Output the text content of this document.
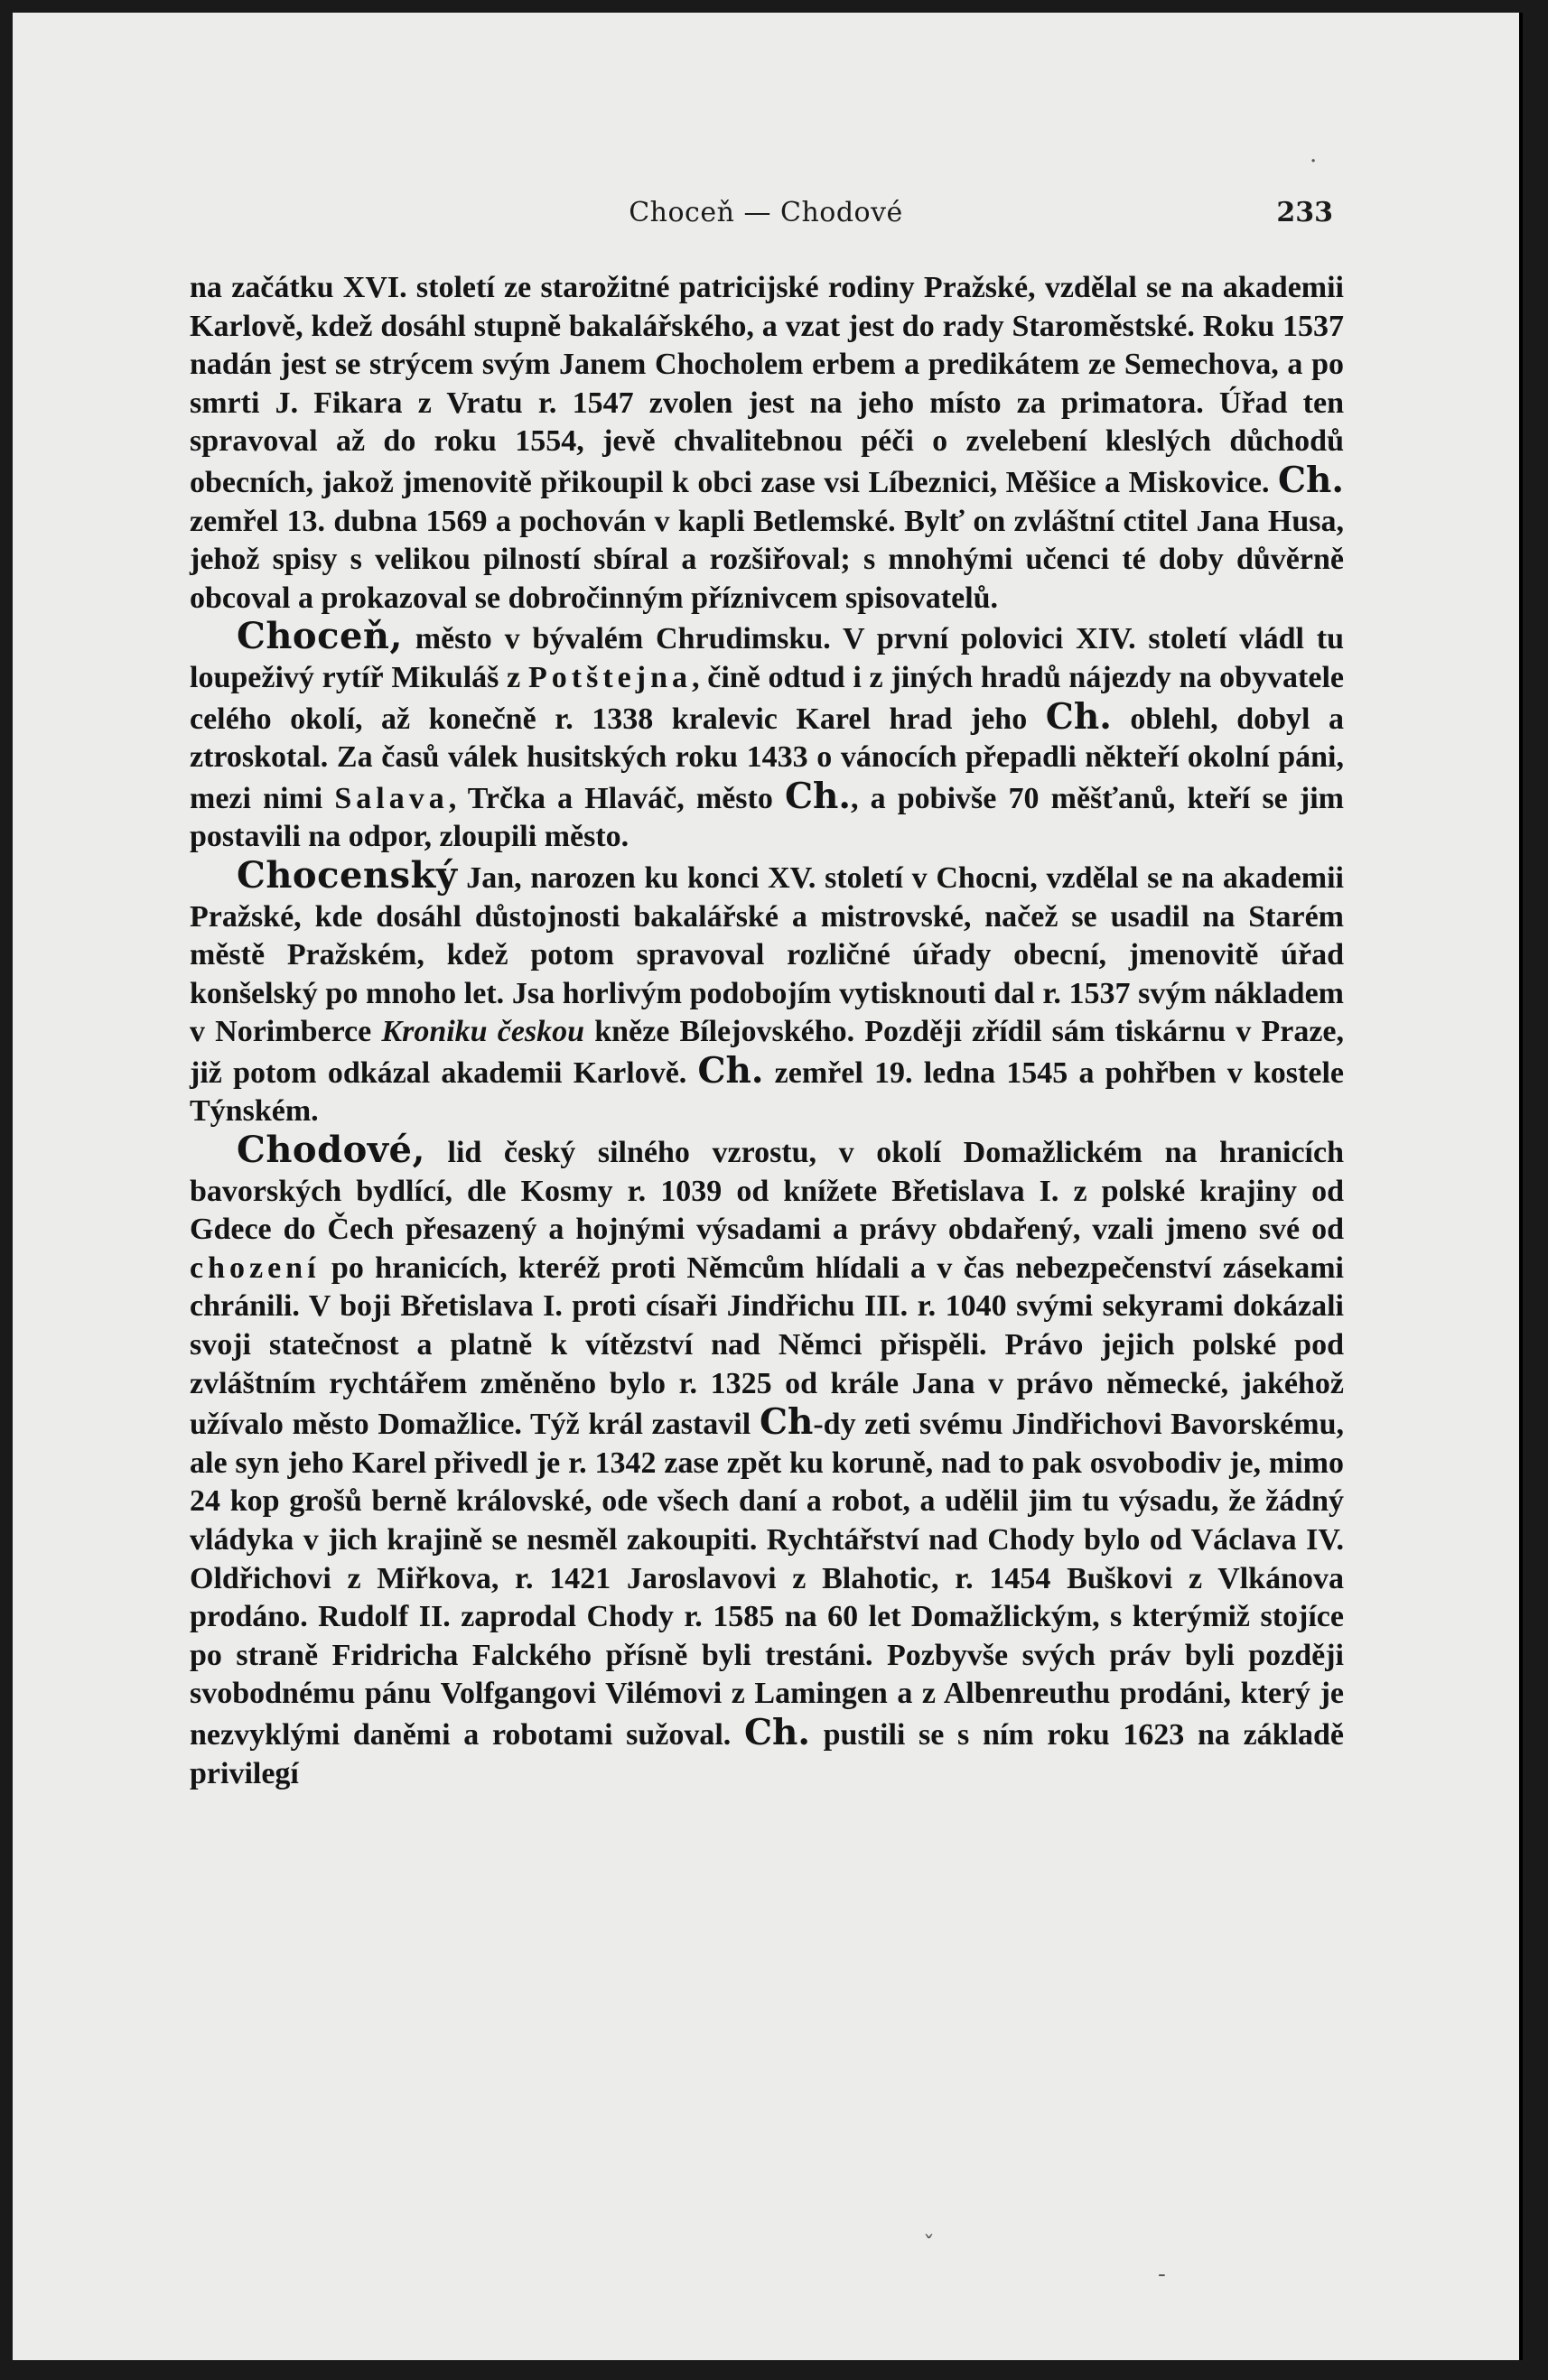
Choceň — Chodové	233

na začátku XVI. století ze starožitné patricijské rodiny Pražské, vzdělal se na akademii Karlově, kdež dosáhl stupně bakalářského, a vzat jest do rady Staroměstské. Roku 1537 nadán jest se strýcem svým Janem Chocholem erbem a predikátem ze Semechova, a po smrti J. Fikara z Vratu r. 1547 zvolen jest na jeho místo za primatora. Úřad ten spravoval až do roku 1554, jevě chvalitebnou péči o zvelebení kleslých důchodů obecních, jakož jmenovitě přikoupil k obci zase vsi Líbeznici, Měšice a Miskovice. Ch. zemřel 13. dubna 1569 a pochován v kapli Betlemské. Bylť on zvláštní ctitel Jana Husa, jehož spisy s velikou pilností sbíral a rozšiřoval; s mnohými učenci té doby důvěrně obcoval a prokazoval se dobročinným příznivcem spisovatelů.

Choceň, město v bývalém Chrudimsku. V první polovici XIV. století vládl tu loupeživý rytíř Mikuláš z Potštejna, čině odtud i z jiných hradů nájezdy na obyvatele celého okolí, až konečně r. 1338 kralevic Karel hrad jeho Ch. oblehl, dobyl a ztroskotal. Za časů válek husitských roku 1433 o vánocích přepadli někteří okolní páni, mezi nimi Salava, Trčka a Hlaváč, město Ch., a pobivše 70 měšťanů, kteří se jim postavili na odpor, zloupili město.

Chocenský Jan, narozen ku konci XV. století v Chocni, vzdělal se na akademii Pražské, kde dosáhl důstojnosti bakalářské a mistrovské, načež se usadil na Starém městě Pražském, kdež potom spravoval rozličné úřady obecní, jmenovitě úřad konšelský po mnoho let. Jsa horlivým podobojím vytisknouti dal r. 1537 svým nákladem v Norimberce Kroniku českou kněze Bílejovského. Později zřídil sám tiskárnu v Praze, již potom odkázal akademii Karlově. Ch. zemřel 19. ledna 1545 a pohřben v kostele Týnském.

Chodové, lid český silného vzrostu, v okolí Domažlickém na hranicích bavorských bydlící, dle Kosmy r. 1039 od knížete Břetislava I. z polské krajiny od Gdece do Čech přesazený a hojnými výsadami a právy obdařený, vzali jmeno své od chození po hranicích, kteréž proti Němcům hlídali a v čas nebezpečenství zásekami chránili. V boji Břetislava I. proti císaři Jindřichu III. r. 1040 svými sekyrami dokázali svoji statečnost a platně k vítězství nad Němci přispěli. Právo jejich polské pod zvláštním rychtářem změněno bylo r. 1325 od krále Jana v právo německé, jakéhož užívalo město Domažlice. Týž král zastavil Ch-dy zeti svému Jindřichovi Bavorskému, ale syn jeho Karel přivedl je r. 1342 zase zpět ku koruně, nad to pak osvobodiv je, mimo 24 kop grošů berně královské, ode všech daní a robot, a udělil jim tu výsadu, že žádný vládyka v jich krajině se nesměl zakoupiti. Rychtářství nad Chody bylo od Václava IV. Oldřichovi z Miřkova, r. 1421 Jaroslavovi z Blahotic, r. 1454 Buškovi z Vlkánova prodáno. Rudolf II. zaprodal Chody r. 1585 na 60 let Domažlickým, s kterýmiž stojíce po straně Fridricha Falckého přísně byli trestáni. Pozbyvše svých práv byli později svobodnému pánu Volfgangovi Vilémovi z Lamingen a z Albenreuthu prodáni, který je nezvyklými daněmi a robotami sužoval. Ch. pustili se s ním roku 1623 na základě privilegí

·
ˇ
‐
